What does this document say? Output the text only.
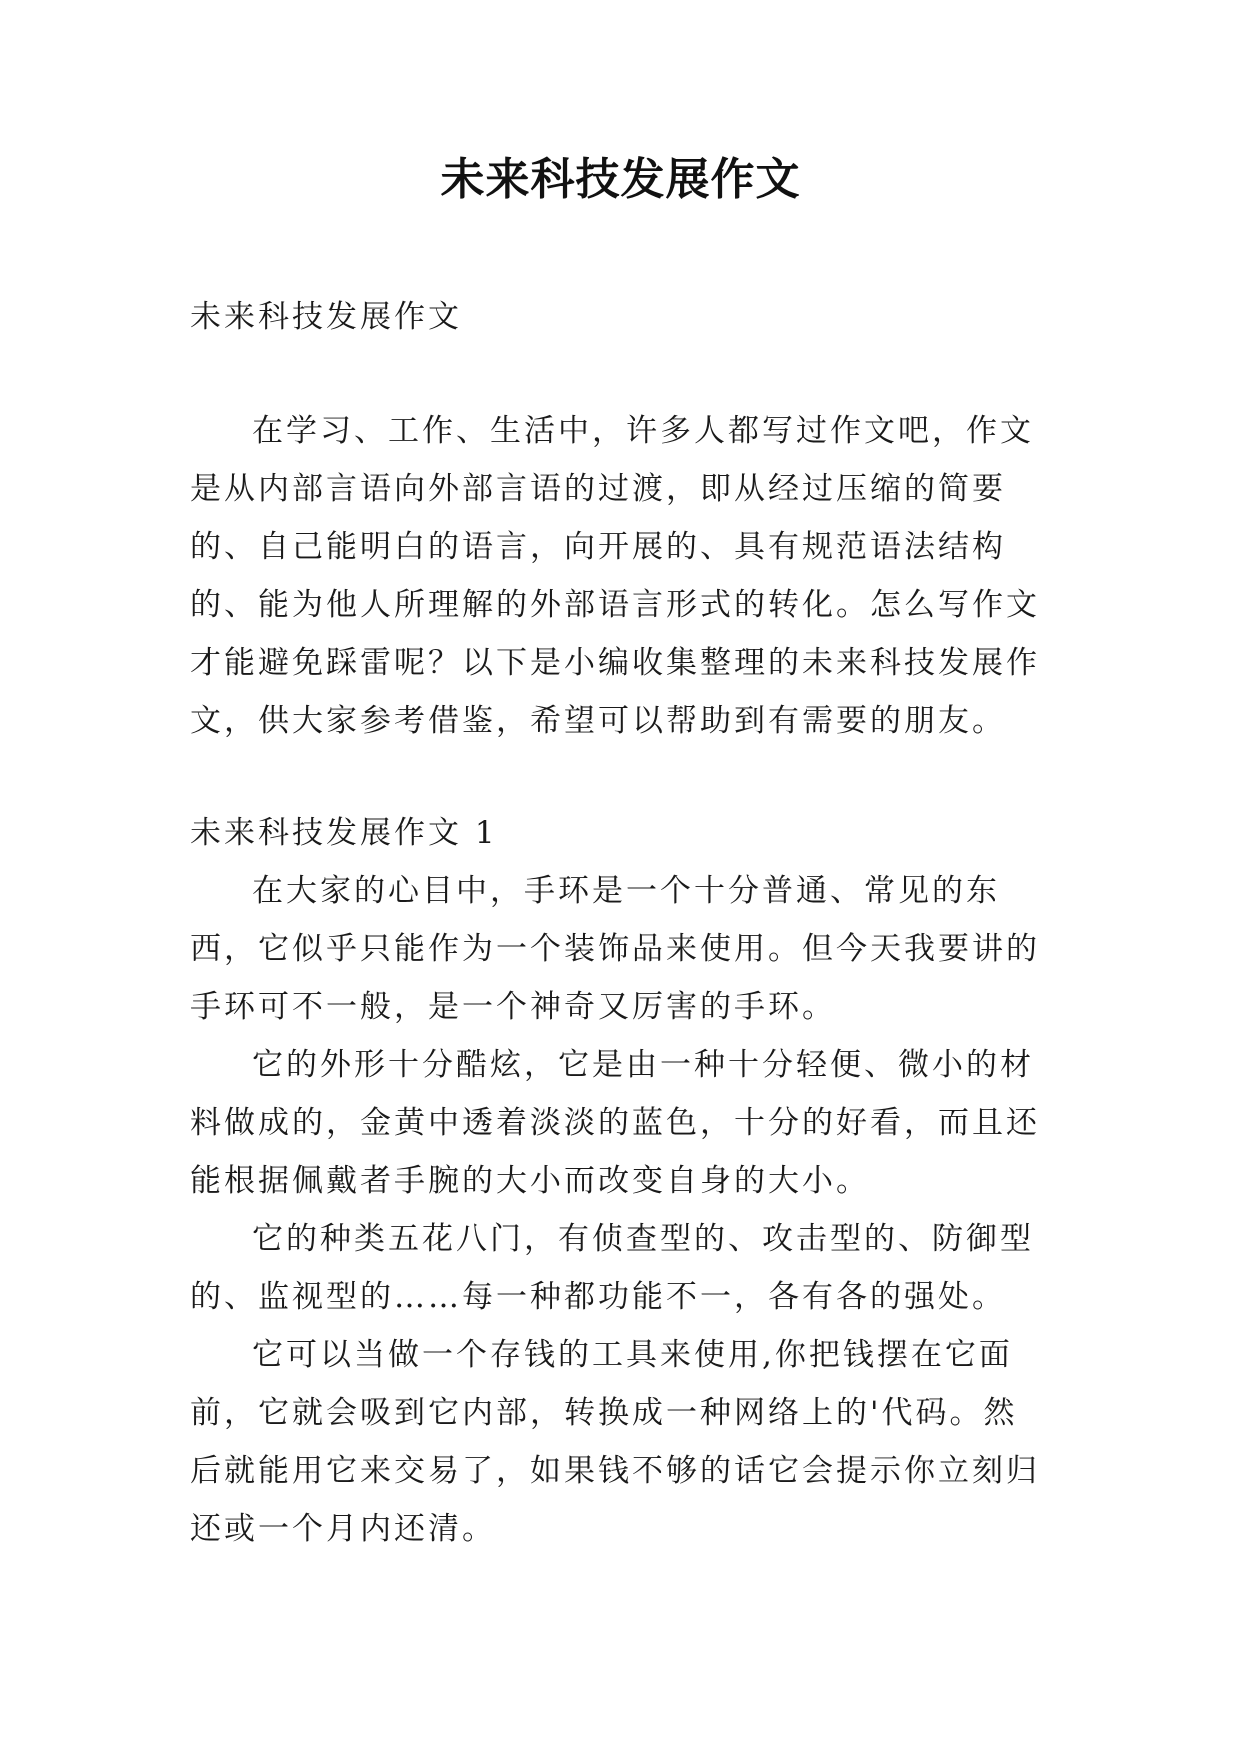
未来科技发展作文
未来科技发展作文

在学习、工作、生活中，许多人都写过作文吧，作文是从内部言语向外部言语的过渡，即从经过压缩的简要的、自己能明白的语言，向开展的、具有规范语法结构的、能为他人所理解的外部语言形式的转化。怎么写作文才能避免踩雷呢？以下是小编收集整理的未来科技发展作文，供大家参考借鉴，希望可以帮助到有需要的朋友。

未来科技发展作文 1

在大家的心目中，手环是一个十分普通、常见的东西，它似乎只能作为一个装饰品来使用。但今天我要讲的手环可不一般，是一个神奇又厉害的手环。

它的外形十分酷炫，它是由一种十分轻便、微小的材料做成的，金黄中透着淡淡的蓝色，十分的好看，而且还能根据佩戴者手腕的大小而改变自身的大小。

它的种类五花八门，有侦查型的、攻击型的、防御型的、监视型的……每一种都功能不一，各有各的强处。

它可以当做一个存钱的工具来使用,你把钱摆在它面前，它就会吸到它内部，转换成一种网络上的'代码。然后就能用它来交易了，如果钱不够的话它会提示你立刻归还或一个月内还清。
